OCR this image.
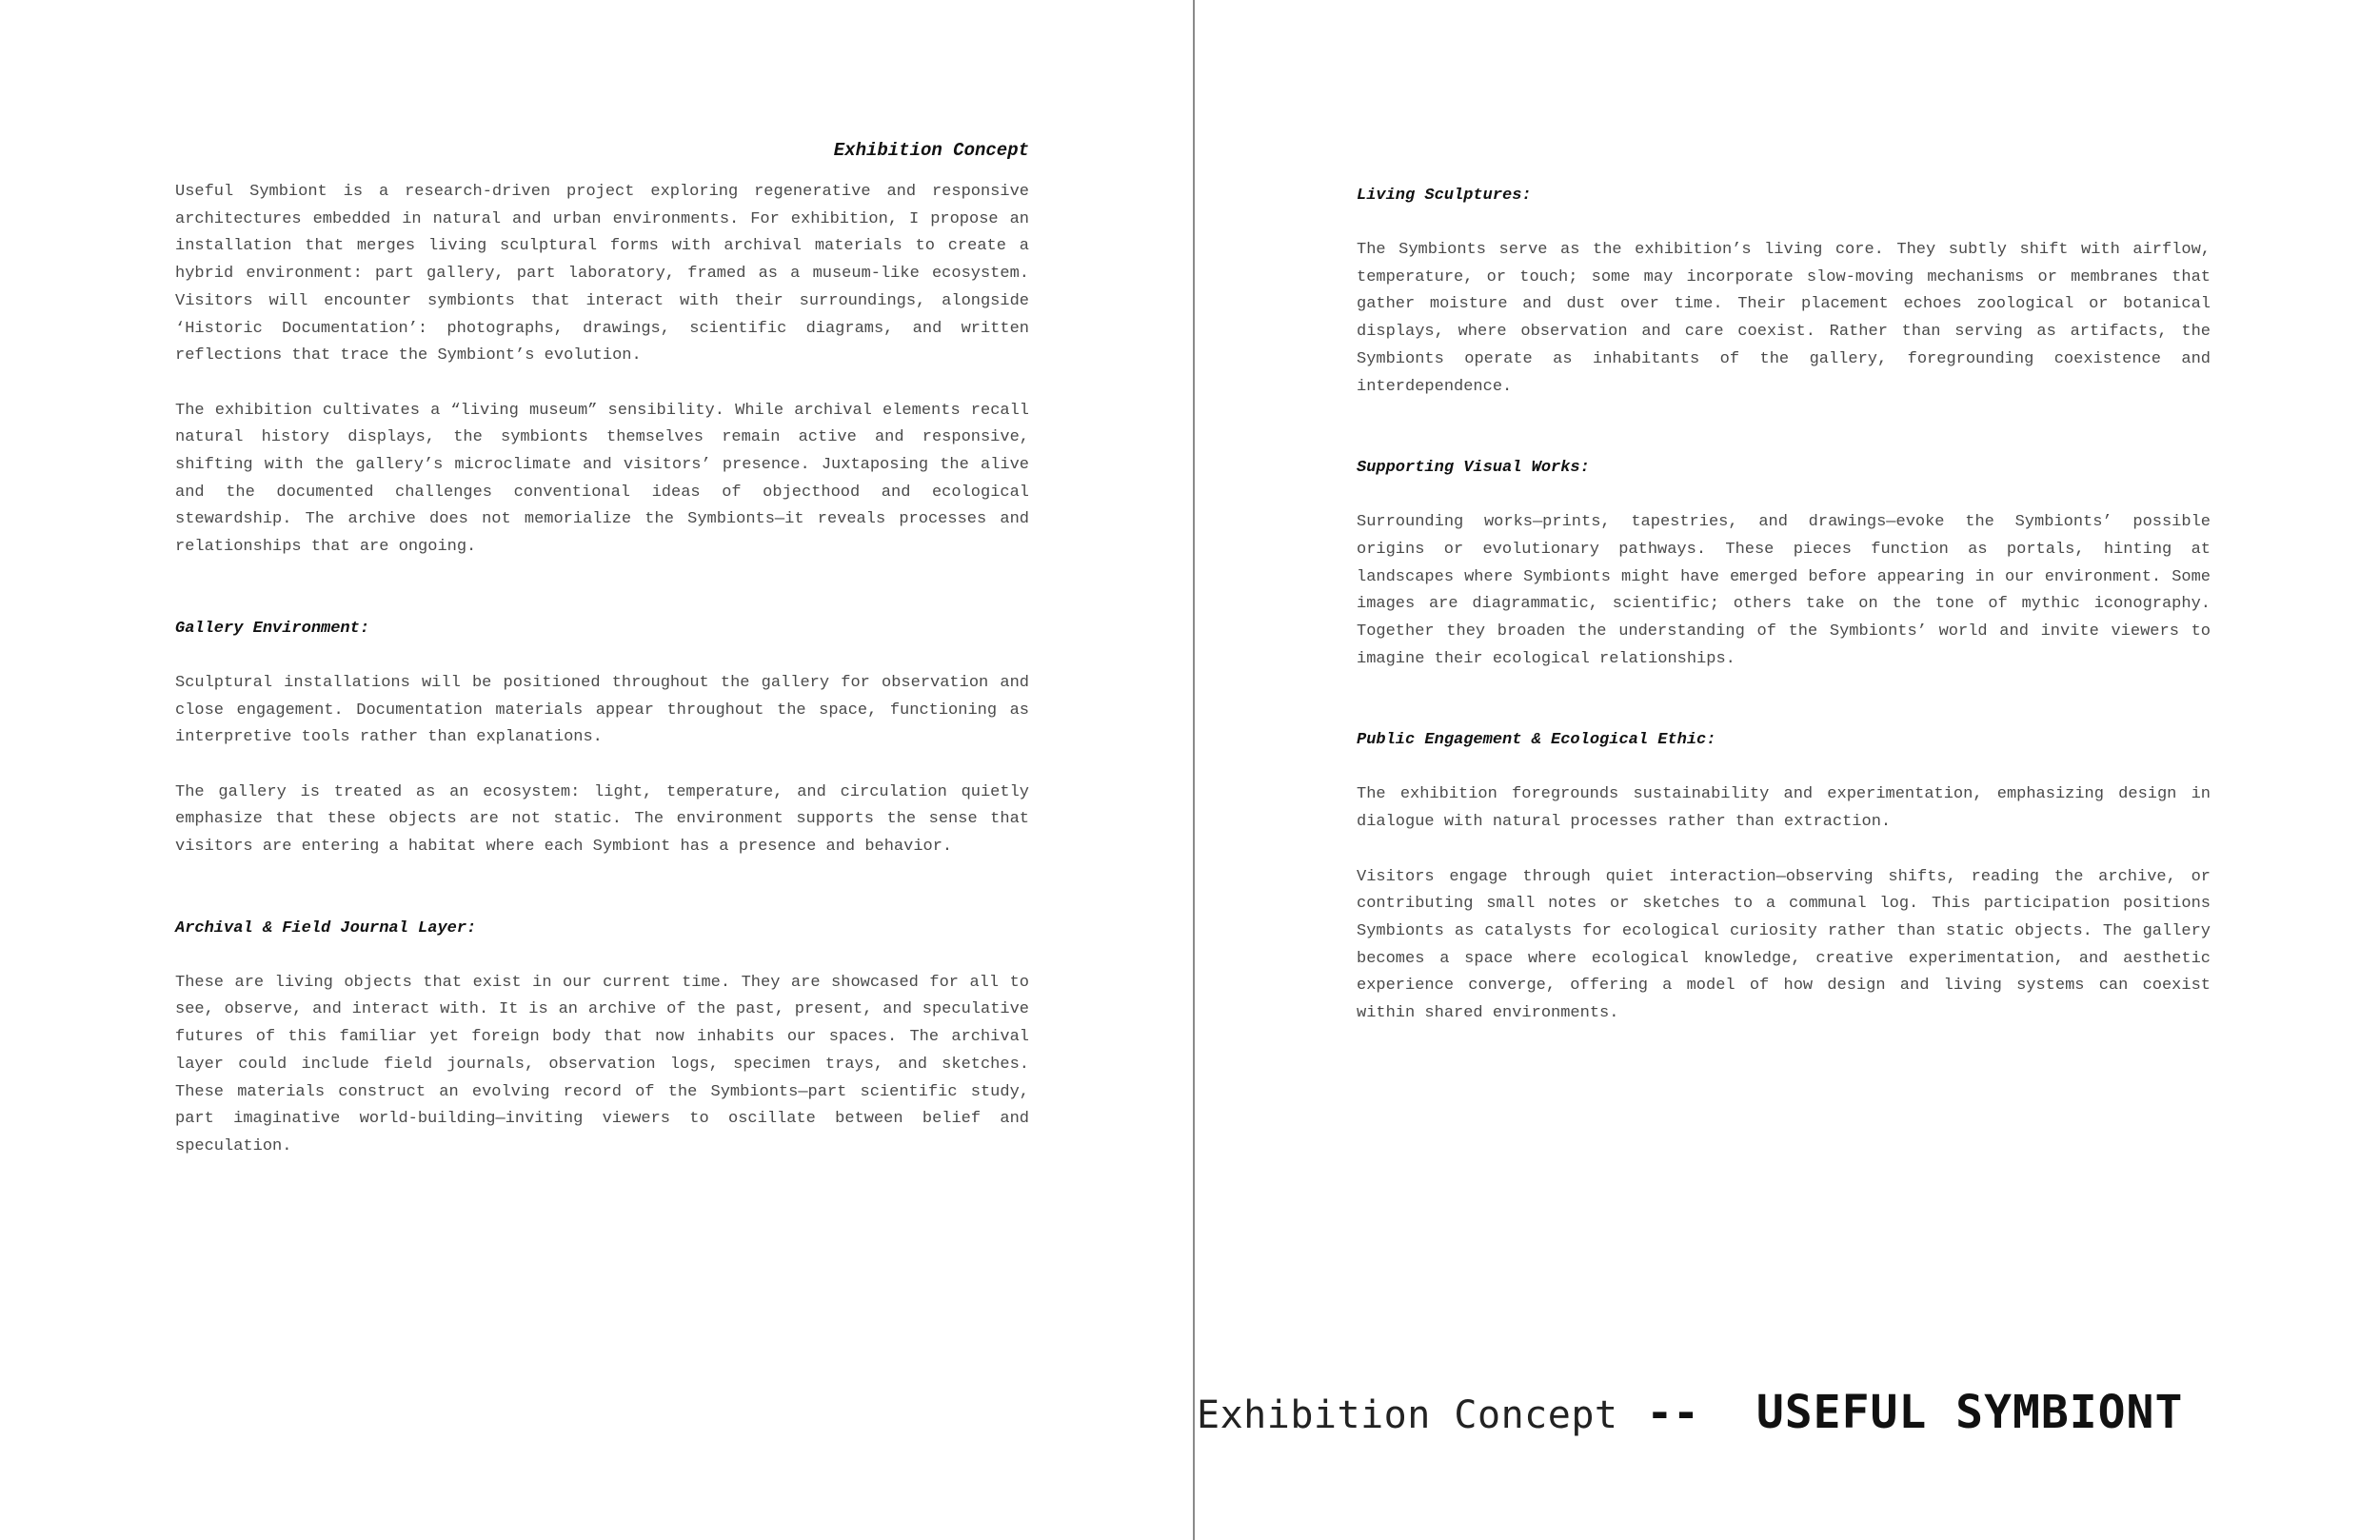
Exhibition Concept

Useful Symbiont is a research-driven project exploring regenerative and responsive architectures embedded in natural and urban environments. For exhibition, I propose an installation that merges living sculptural forms with archival materials to create a hybrid environment: part gallery, part laboratory, framed as a museum-like ecosystem. Visitors will encounter symbionts that interact with their surroundings, alongside ‘Historic Documentation’: photographs, drawings, scientific diagrams, and written reflections that trace the Symbiont’s evolution.

The exhibition cultivates a “living museum” sensibility. While archival elements recall natural history displays, the symbionts themselves remain active and responsive, shifting with the gallery’s microclimate and visitors’ presence. Juxtaposing the alive and the documented challenges conventional ideas of objecthood and ecological stewardship. The archive does not memorialize the Symbionts—it reveals processes and relationships that are ongoing.

Gallery Environment:

Sculptural installations will be positioned throughout the gallery for observation and close engagement. Documentation materials appear throughout the space, functioning as interpretive tools rather than explanations.

The gallery is treated as an ecosystem: light, temperature, and circulation quietly emphasize that these objects are not static. The environment supports the sense that visitors are entering a habitat where each Symbiont has a presence and behavior.

Archival & Field Journal Layer:

These are living objects that exist in our current time. They are showcased for all to see, observe, and interact with. It is an archive of the past, present, and speculative futures of this familiar yet foreign body that now inhabits our spaces. The archival layer could include field journals, observation logs, specimen trays, and sketches. These materials construct an evolving record of the Symbionts—part scientific study, part imaginative world-building—inviting viewers to oscillate between belief and speculation.

Living Sculptures:

The Symbionts serve as the exhibition’s living core. They subtly shift with airflow, temperature, or touch; some may incorporate slow-moving mechanisms or membranes that gather moisture and dust over time. Their placement echoes zoological or botanical displays, where observation and care coexist. Rather than serving as artifacts, the Symbionts operate as inhabitants of the gallery, foregrounding coexistence and interdependence.

Supporting Visual Works:

Surrounding works—prints, tapestries, and drawings—evoke the Symbionts’ possible origins or evolutionary pathways. These pieces function as portals, hinting at landscapes where Symbionts might have emerged before appearing in our environment. Some images are diagrammatic, scientific; others take on the tone of mythic iconography. Together they broaden the understanding of the Symbionts’ world and invite viewers to imagine their ecological relationships.

Public Engagement & Ecological Ethic:

The exhibition foregrounds sustainability and experimentation, emphasizing design in dialogue with natural processes rather than extraction.

Visitors engage through quiet interaction—observing shifts, reading the archive, or contributing small notes or sketches to a communal log. This participation positions Symbionts as catalysts for ecological curiosity rather than static objects. The gallery becomes a space where ecological knowledge, creative experimentation, and aesthetic experience converge, offering a model of how design and living systems can coexist within shared environments.

Exhibition Concept -- USEFUL SYMBIONT
